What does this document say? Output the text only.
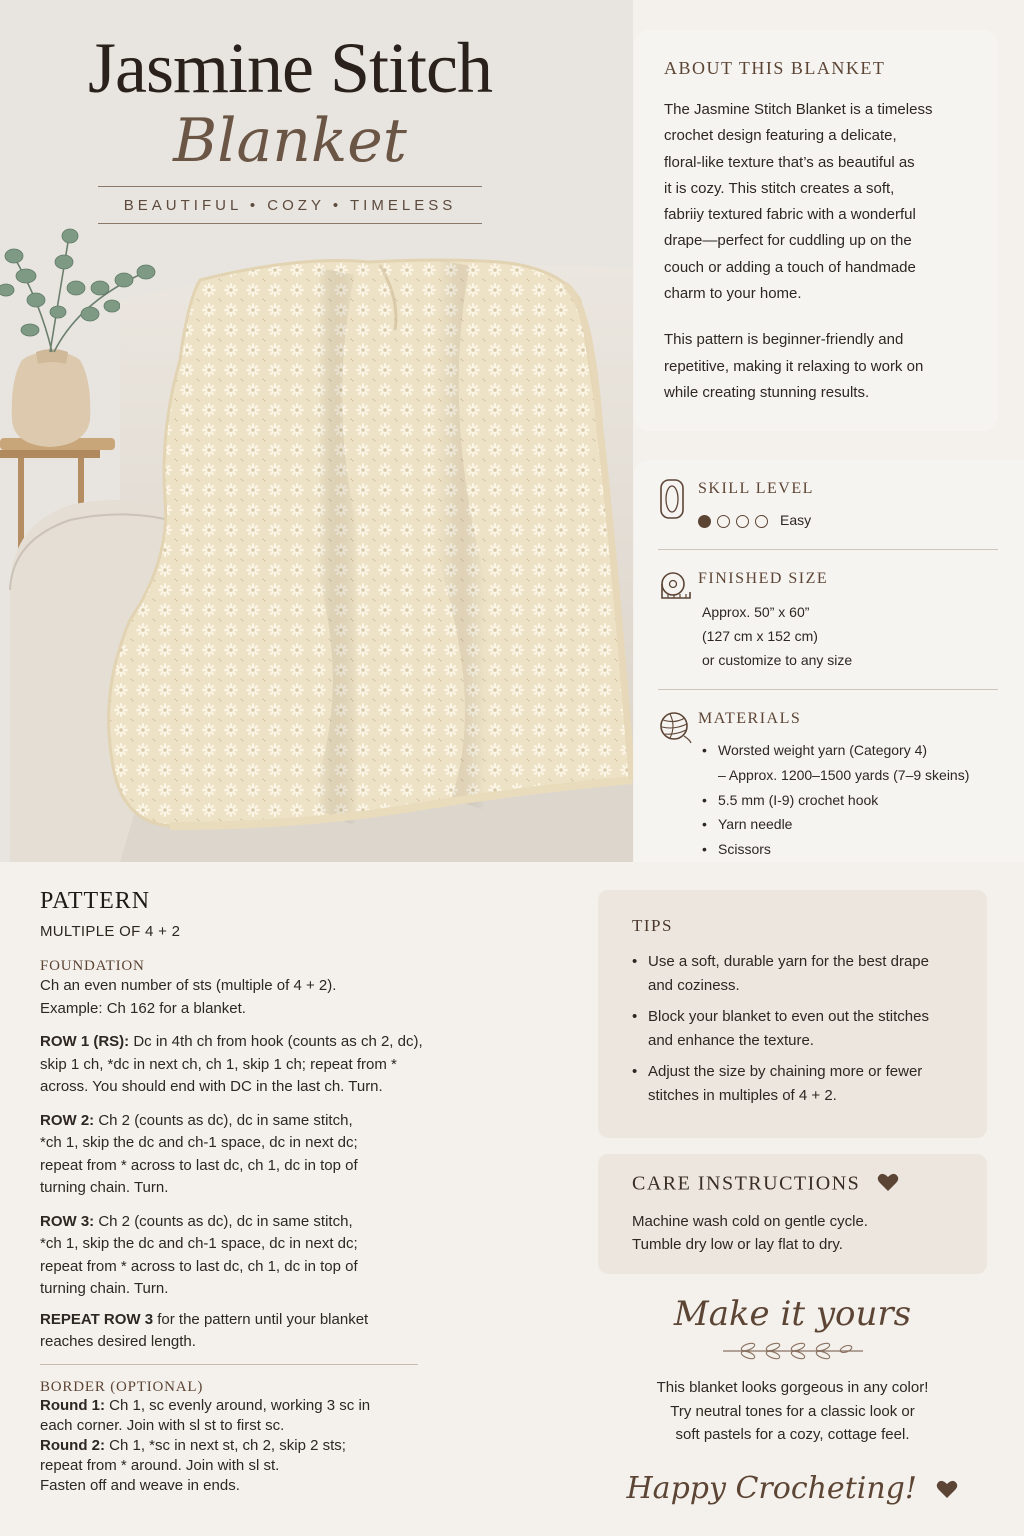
Jasmine Stitch
Blanket
BEAUTIFUL • COZY • TIMELESS
ABOUT THIS BLANKET
The Jasmine Stitch Blanket is a timeless
crochet design featuring a delicate,
floral-like texture that’s as beautiful as
it is cozy. This stitch creates a soft,
fabriiy textured fabric with a wonderful
drape—perfect for cuddling up on the
couch or adding a touch of handmade
charm to your home.
This pattern is beginner-friendly and
repetitive, making it relaxing to work on
while creating stunning results.
SKILL LEVEL
Easy
FINISHED SIZE
Approx. 50” x 60”
(127 cm x 152 cm)
or customize to any size
MATERIALS
• Worsted weight yarn (Category 4)
– Approx. 1200–1500 yards (7–9 skeins)
• 5.5 mm (I-9) crochet hook
• Yarn needle
• Scissors
PATTERN
MULTIPLE OF 4 + 2
FOUNDATION
Ch an even number of sts (multiple of 4 + 2).
Example: Ch 162 for a blanket.
ROW 1 (RS): Dc in 4th ch from hook (counts as ch 2, dc),
skip 1 ch, *dc in next ch, ch 1, skip 1 ch; repeat from *
across. You should end with DC in the last ch. Turn.
ROW 2: Ch 2 (counts as dc), dc in same stitch,
*ch 1, skip the dc and ch-1 space, dc in next dc;
repeat from * across to last dc, ch 1, dc in top of
turning chain. Turn.
ROW 3: Ch 2 (counts as dc), dc in same stitch,
*ch 1, skip the dc and ch-1 space, dc in next dc;
repeat from * across to last dc, ch 1, dc in top of
turning chain. Turn.
REPEAT ROW 3 for the pattern until your blanket
reaches desired length.
BORDER (OPTIONAL)
Round 1: Ch 1, sc evenly around, working 3 sc in
each corner. Join with sl st to first sc.
Round 2: Ch 1, *sc in next st, ch 2, skip 2 sts;
repeat from * around. Join with sl st.
Fasten off and weave in ends.
TIPS
• Use a soft, durable yarn for the best drape
and coziness.
• Block your blanket to even out the stitches
and enhance the texture.
• Adjust the size by chaining more or fewer
stitches in multiples of 4 + 2.
CARE INSTRUCTIONS
Machine wash cold on gentle cycle.
Tumble dry low or lay flat to dry.
Make it yours
This blanket looks gorgeous in any color!
Try neutral tones for a classic look or
soft pastels for a cozy, cottage feel.
Happy Crocheting!
